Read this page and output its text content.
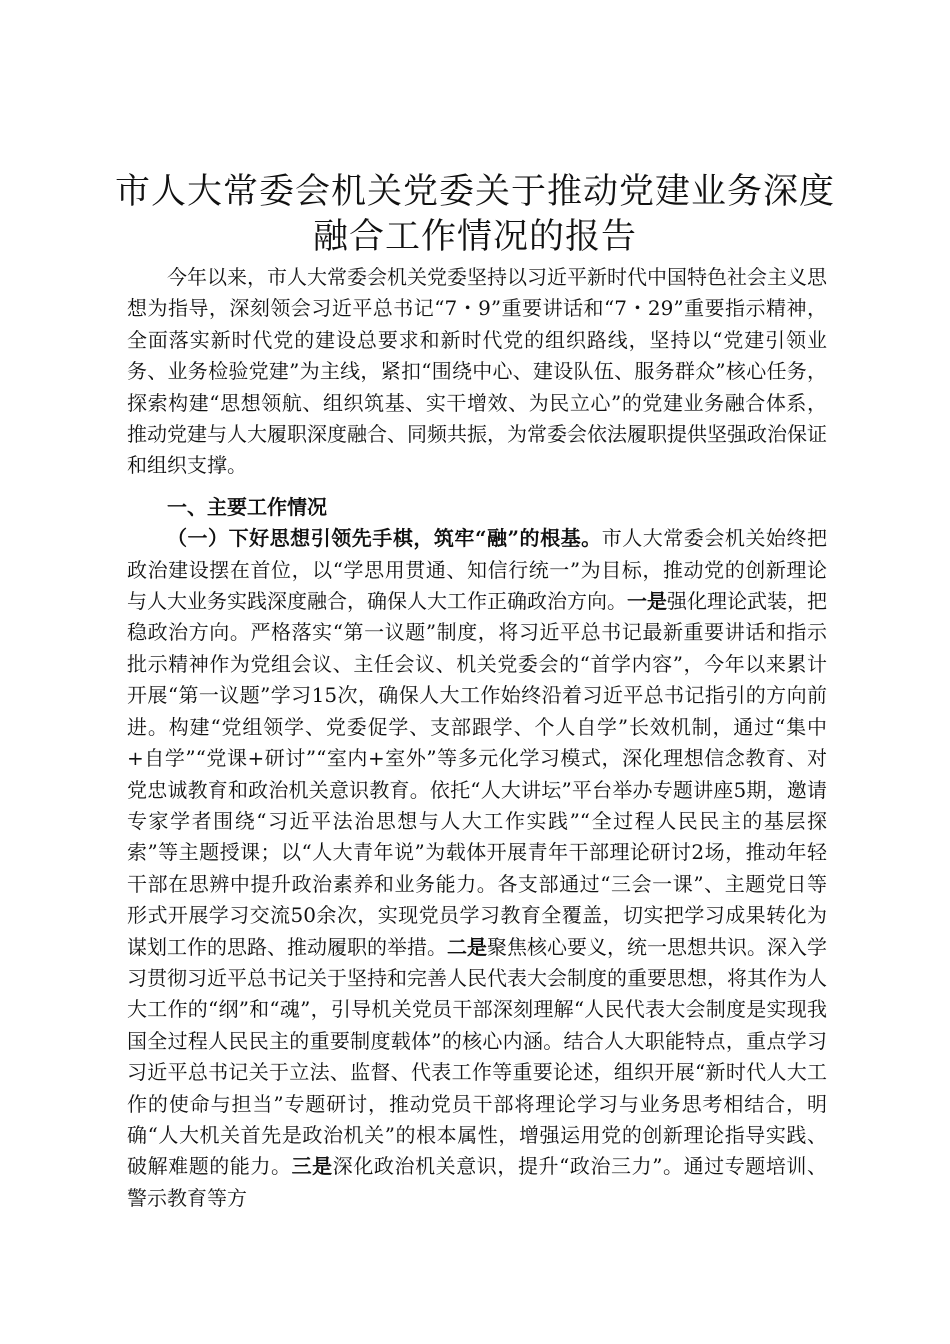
市人大常委会机关党委关于推动党建业务深度
融合工作情况的报告

今年以来，市人大常委会机关党委坚持以习近平新时代中国特色社会主义思想为指导，深刻领会习近平总书记“7・9”重要讲话和“7・29”重要指示精神，全面落实新时代党的建设总要求和新时代党的组织路线，坚持以“党建引领业务、业务检验党建”为主线，紧扣“围绕中心、建设队伍、服务群众”核心任务，探索构建“思想领航、组织筑基、实干增效、为民立心”的党建业务融合体系，推动党建与人大履职深度融合、同频共振，为常委会依法履职提供坚强政治保证和组织支撑。

一、主要工作情况

（一）下好思想引领先手棋，筑牢“融”的根基。市人大常委会机关始终把政治建设摆在首位，以“学思用贯通、知信行统一”为目标，推动党的创新理论与人大业务实践深度融合，确保人大工作正确政治方向。一是强化理论武装，把稳政治方向。严格落实“第一议题”制度，将习近平总书记最新重要讲话和指示批示精神作为党组会议、主任会议、机关党委会的“首学内容”，今年以来累计开展“第一议题”学习15次，确保人大工作始终沿着习近平总书记指引的方向前进。构建“党组领学、党委促学、支部跟学、个人自学”长效机制，通过“集中+自学”“党课+研讨”“室内+室外”等多元化学习模式，深化理想信念教育、对党忠诚教育和政治机关意识教育。依托“人大讲坛”平台举办专题讲座5期，邀请专家学者围绕“习近平法治思想与人大工作实践”“全过程人民民主的基层探索”等主题授课；以“人大青年说”为载体开展青年干部理论研讨2场，推动年轻干部在思辨中提升政治素养和业务能力。各支部通过“三会一课”、主题党日等形式开展学习交流50余次，实现党员学习教育全覆盖，切实把学习成果转化为谋划工作的思路、推动履职的举措。二是聚焦核心要义，统一思想共识。深入学习贯彻习近平总书记关于坚持和完善人民代表大会制度的重要思想，将其作为人大工作的“纲”和“魂”，引导机关党员干部深刻理解“人民代表大会制度是实现我国全过程人民民主的重要制度载体”的核心内涵。结合人大职能特点，重点学习习近平总书记关于立法、监督、代表工作等重要论述，组织开展“新时代人大工作的使命与担当”专题研讨，推动党员干部将理论学习与业务思考相结合，明确“人大机关首先是政治机关”的根本属性，增强运用党的创新理论指导实践、破解难题的能力。三是深化政治机关意识，提升“政治三力”。通过专题培训、警示教育等方
